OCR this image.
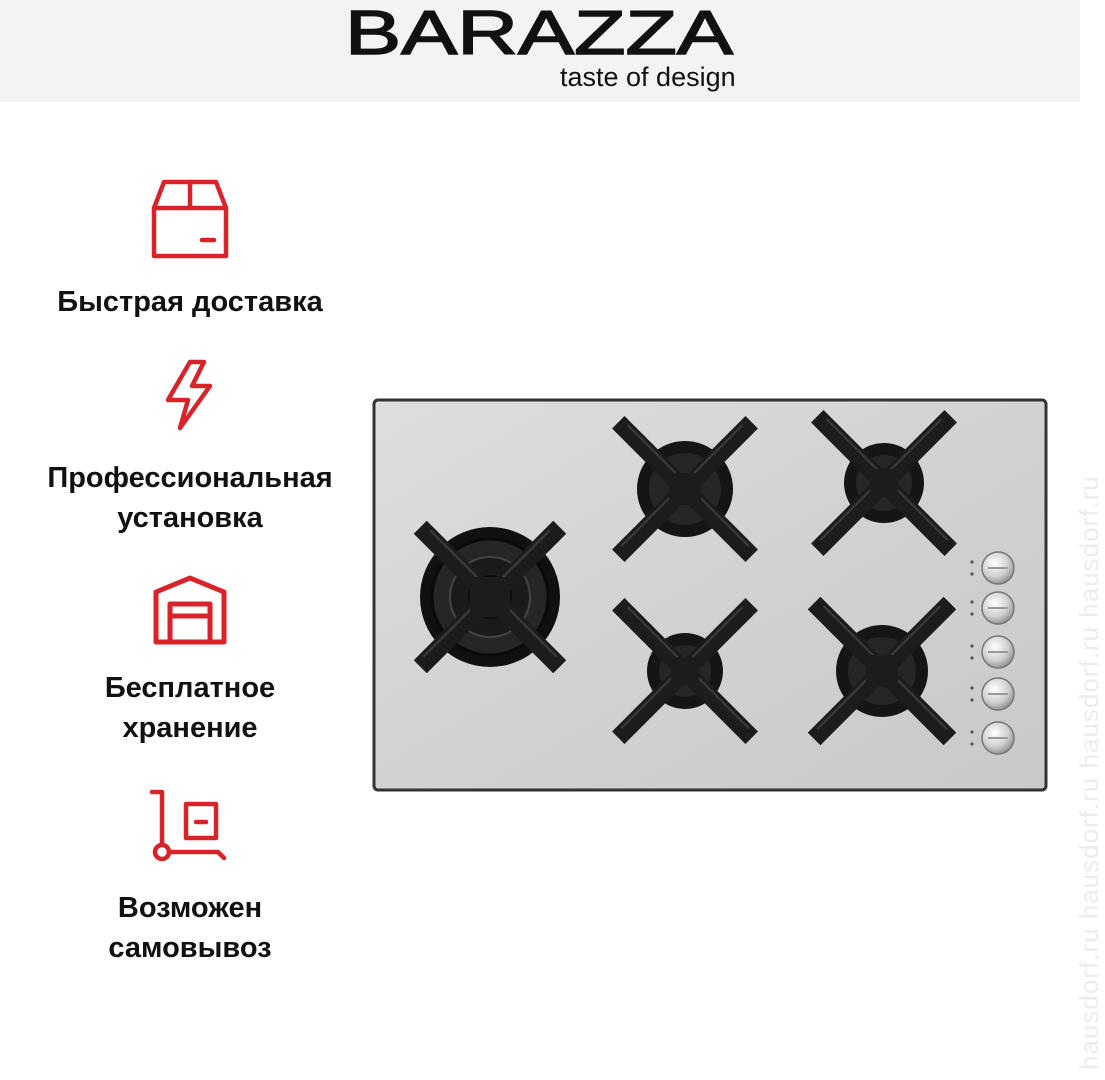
BARAZZA
taste of design
Быстрая доставка
Профессиональная
установка
Бесплатное
хранение
Возможен
самовывоз	hausdorf.ru hausdorf.ru hausdorf.ru hausdorf.ru
